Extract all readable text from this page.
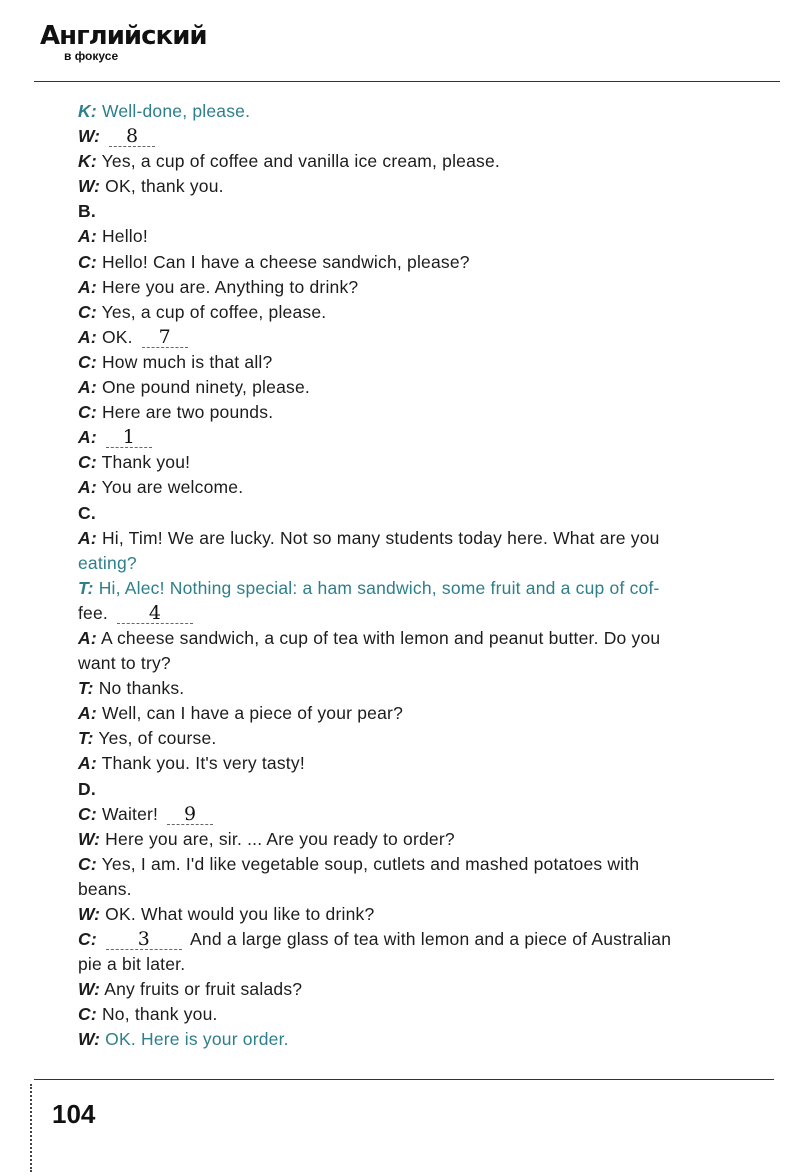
Английский
в фокусе
K: Well-done, please.
W: 8
K: Yes, a cup of coffee and vanilla ice cream, please.
W: OK, thank you.
B.
A: Hello!
C: Hello! Can I have a cheese sandwich, please?
A: Here you are. Anything to drink?
C: Yes, a cup of coffee, please.
A: OK. 7
C: How much is that all?
A: One pound ninety, please.
C: Here are two pounds.
A: 1
C: Thank you!
A: You are welcome.
C.
A: Hi, Tim! We are lucky. Not so many students today here. What are you
eating?
T: Hi, Alec! Nothing special: a ham sandwich, some fruit and a cup of cof-
fee. 4
A: A cheese sandwich, a cup of tea with lemon and peanut butter. Do you
want to try?
T: No thanks.
A: Well, can I have a piece of your pear?
T: Yes, of course.
A: Thank you. It's very tasty!
D.
C: Waiter! 9
W: Here you are, sir. ... Are you ready to order?
C: Yes, I am. I'd like vegetable soup, cutlets and mashed potatoes with
beans.
W: OK. What would you like to drink?
C: 3 And a large glass of tea with lemon and a piece of Australian
pie a bit later.
W: Any fruits or fruit salads?
C: No, thank you.
W: OK. Here is your order.
104
